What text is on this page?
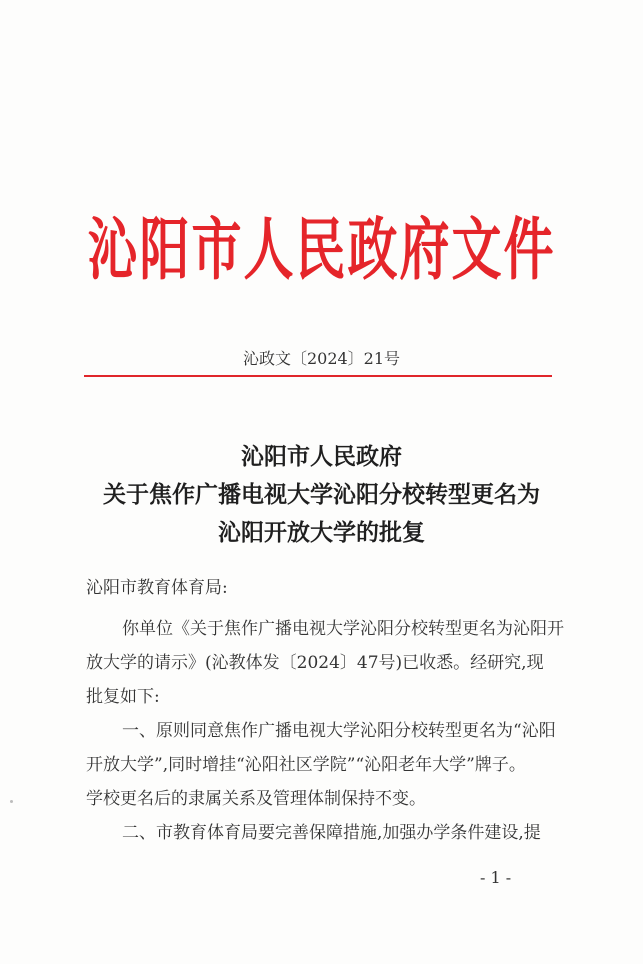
沁阳市人民政府文件
沁政文〔2024〕21号
沁阳市人民政府
关于焦作广播电视大学沁阳分校转型更名为
沁阳开放大学的批复
沁阳市教育体育局:
你单位《关于焦作广播电视大学沁阳分校转型更名为沁阳开
放大学的请示》(沁教体发〔2024〕47号)已收悉。经研究,现
批复如下:
一、原则同意焦作广播电视大学沁阳分校转型更名为“沁阳
开放大学”,同时增挂“沁阳社区学院”“沁阳老年大学”牌子。
学校更名后的隶属关系及管理体制保持不变。
二、市教育体育局要完善保障措施,加强办学条件建设,提
- 1 -
